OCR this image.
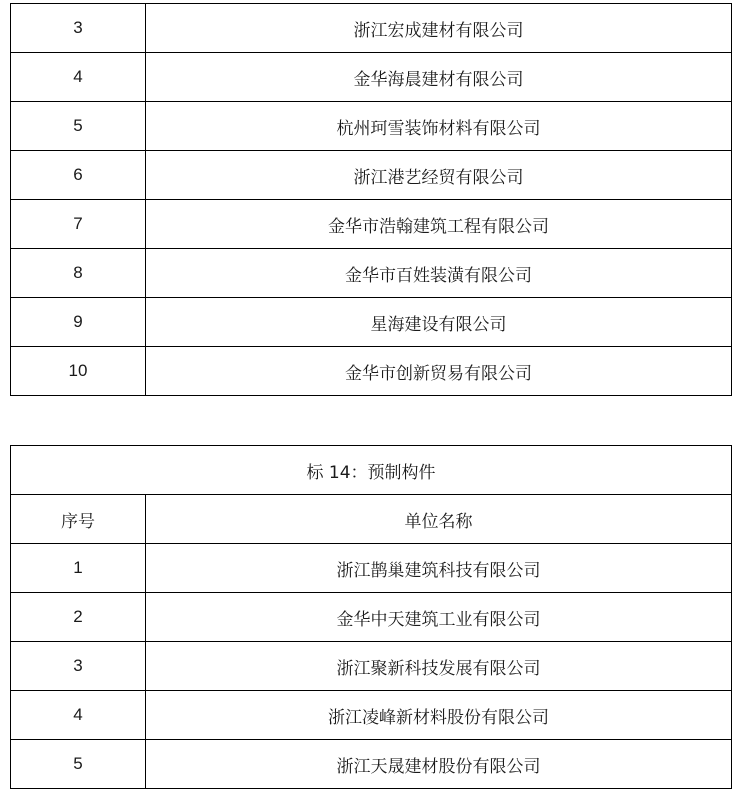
3	浙江宏成建材有限公司
4	金华海晨建材有限公司
5	杭州珂雪装饰材料有限公司
6	浙江港艺经贸有限公司
7	金华市浩翰建筑工程有限公司
8	金华市百姓装潢有限公司
9	星海建设有限公司
10	金华市创新贸易有限公司
标 14：预制构件	
序号	单位名称
1	浙江鹊巢建筑科技有限公司
2	金华中天建筑工业有限公司
3	浙江聚新科技发展有限公司
4	浙江凌峰新材料股份有限公司
5	浙江天晟建材股份有限公司
